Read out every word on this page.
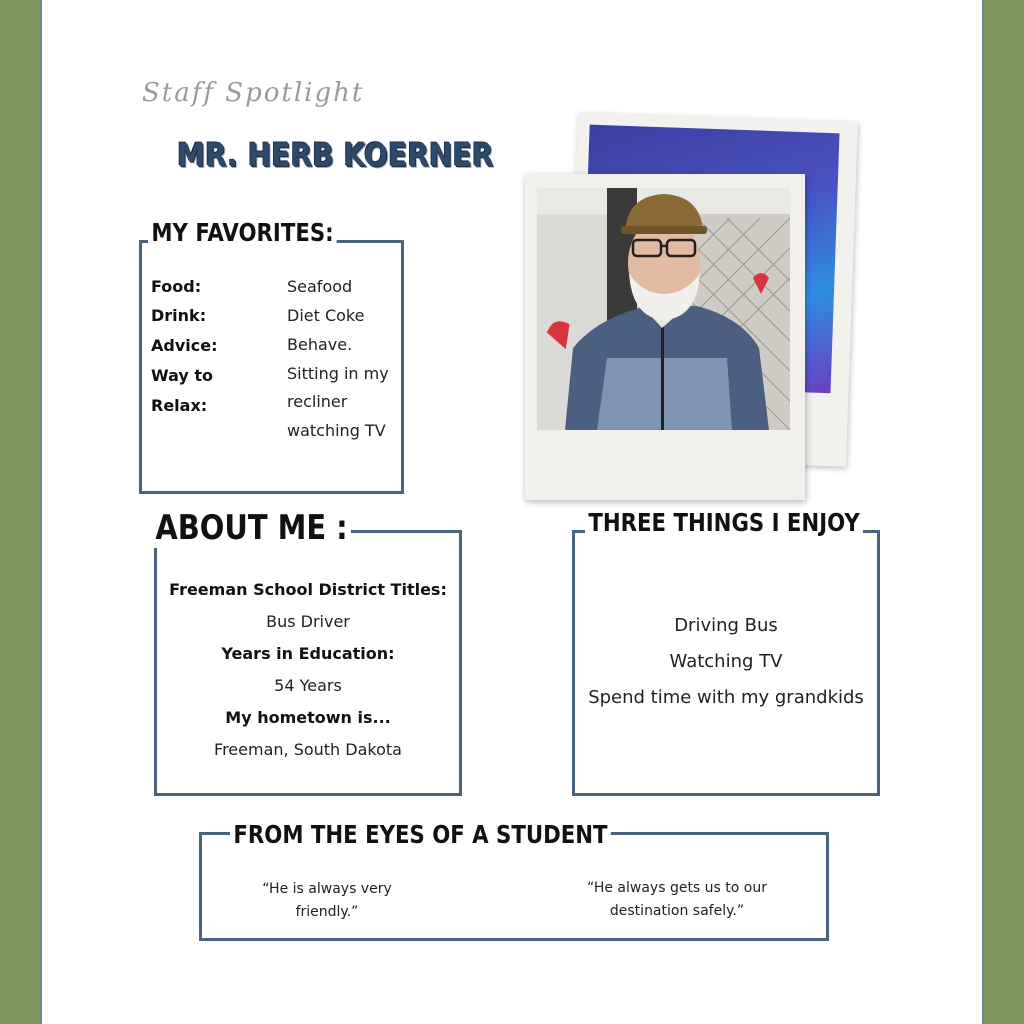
Staff Spotlight
MR. HERB KOERNER
MY FAVORITES:
Food:
Drink:
Advice:
Way to
Relax:
Seafood
Diet Coke
Behave.
Sitting in my
recliner
watching TV
ABOUT ME :
Freeman School District Titles:
Bus Driver
Years in Education:
54 Years
My hometown is...
Freeman, South Dakota
THREE THINGS I ENJOY
Driving Bus
Watching TV
Spend time with my grandkids
FROM THE EYES OF A STUDENT
“He is always very friendly.”
“He always gets us to our destination safely.”
